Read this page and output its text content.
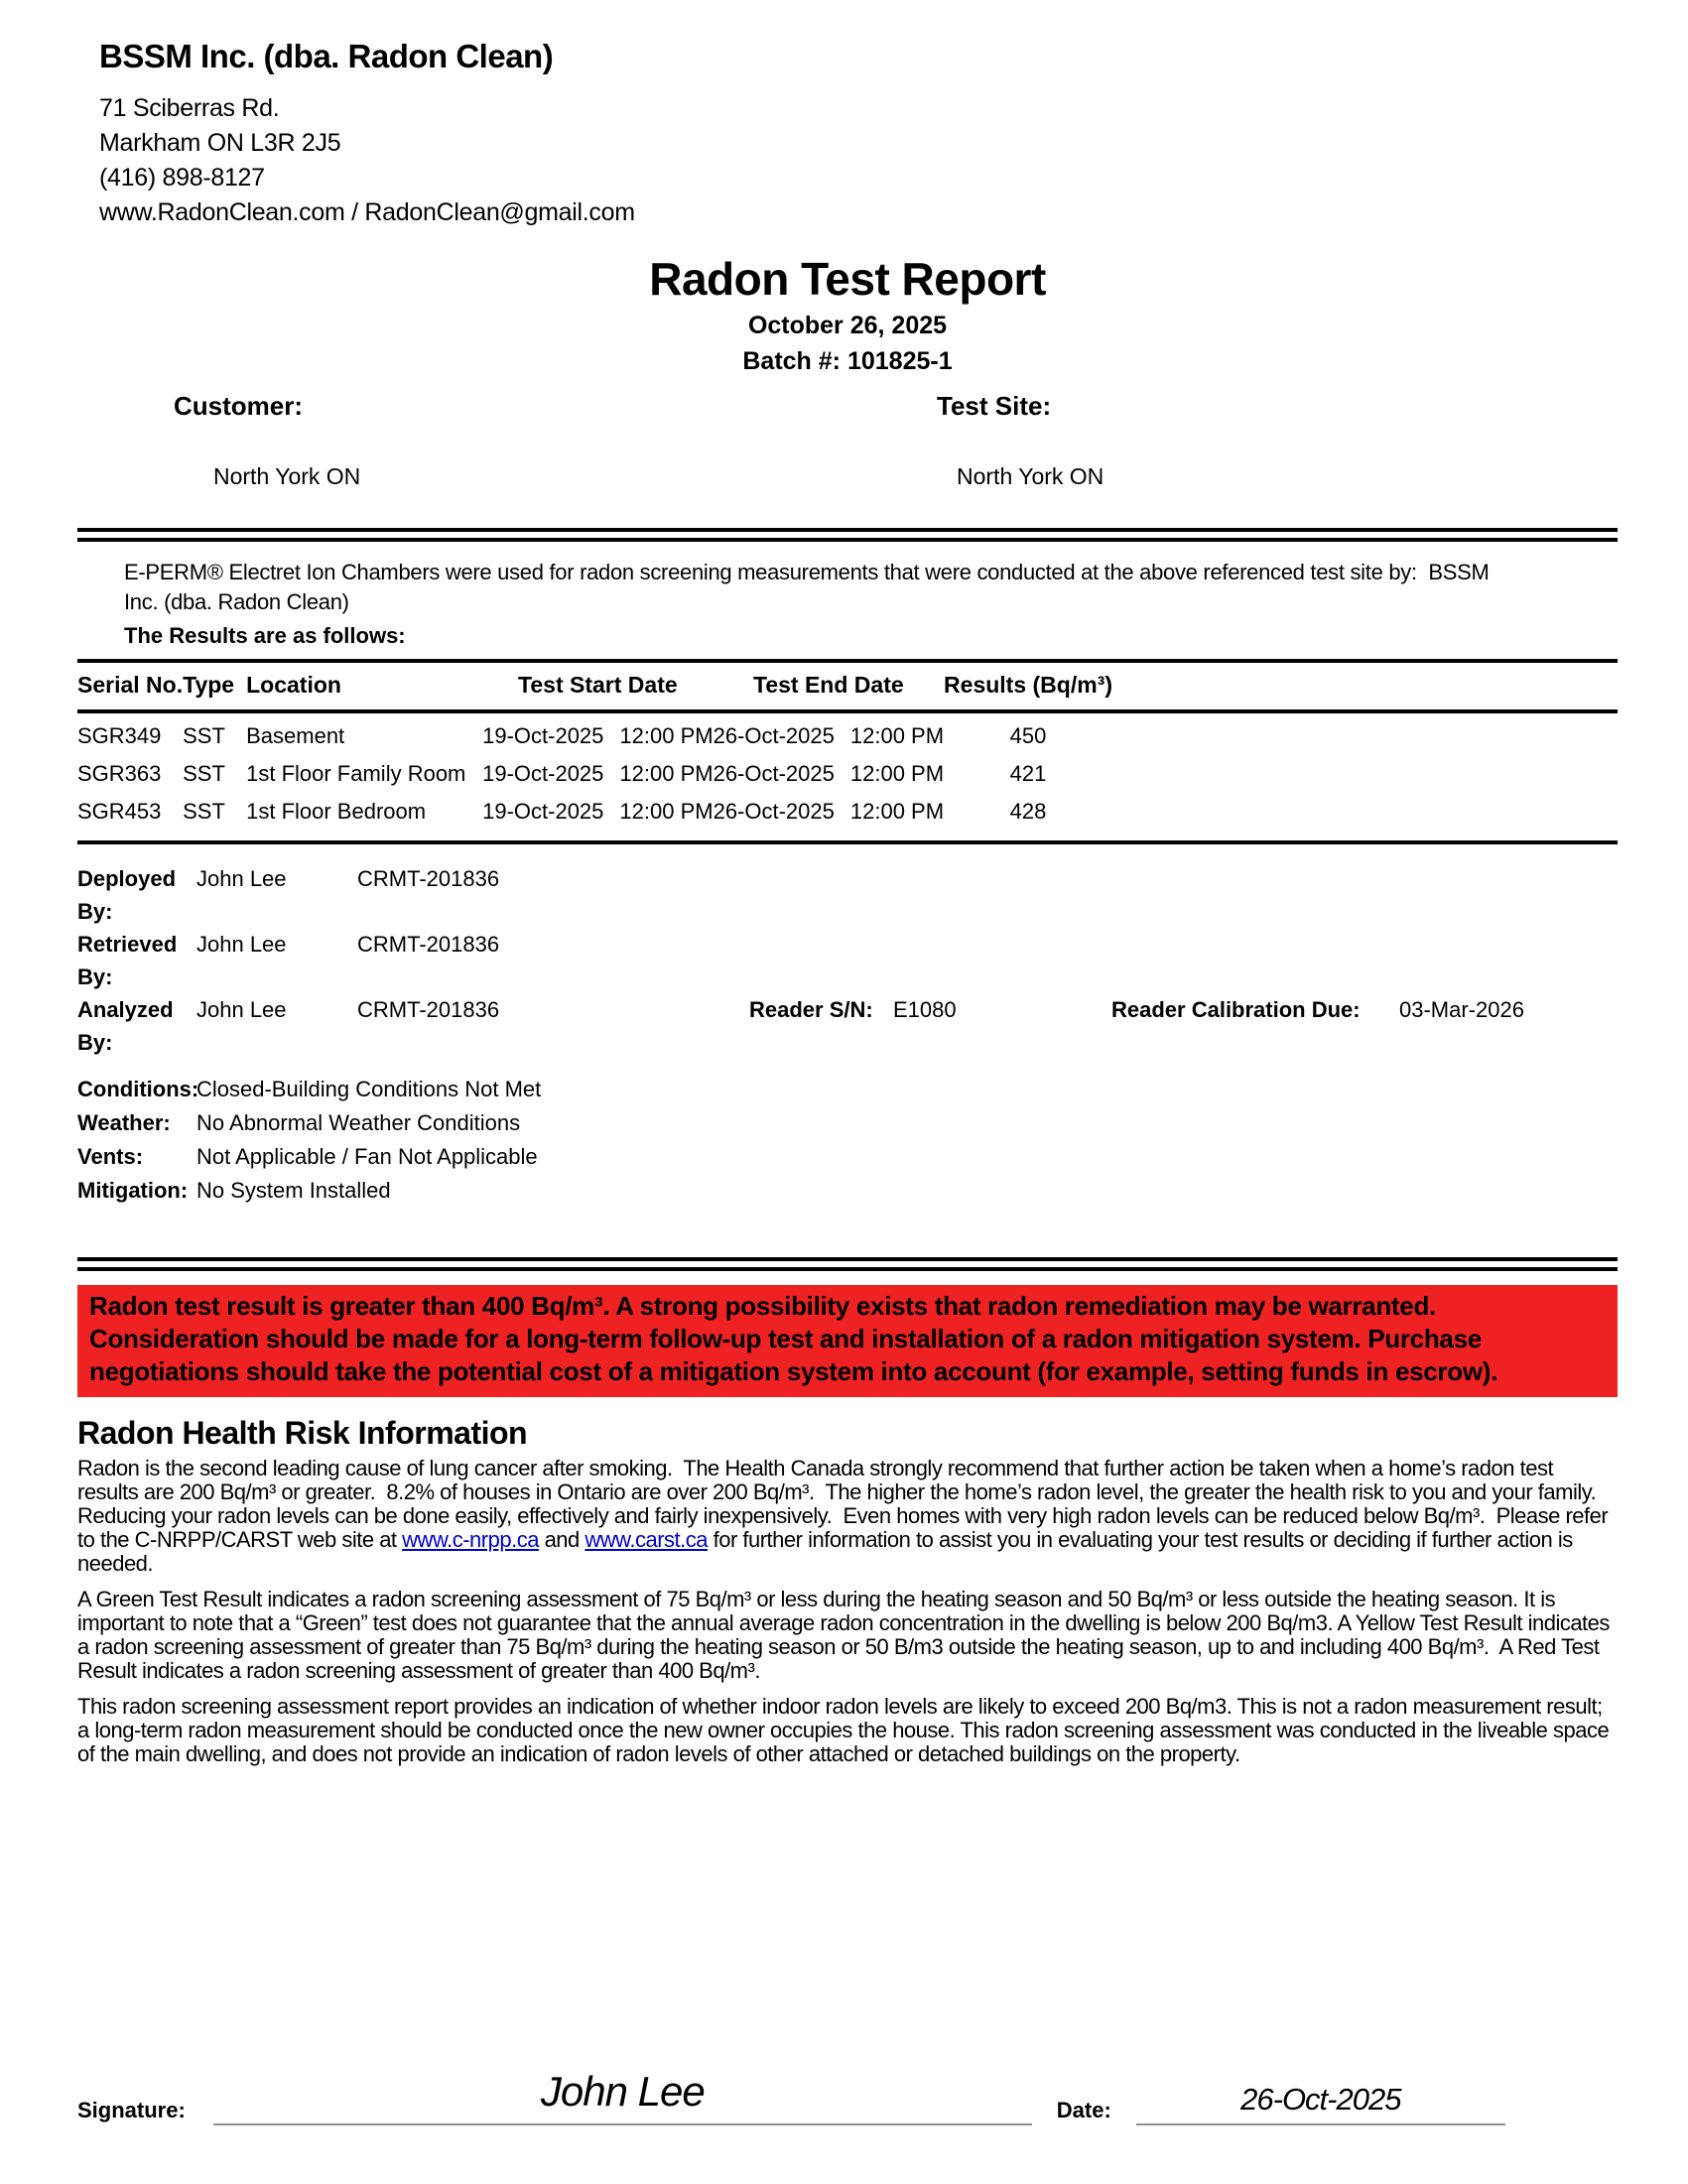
BSSM Inc. (dba. Radon Clean)
71 Sciberras Rd.
Markham ON L3R 2J5
(416) 898-8127
www.RadonClean.com / RadonClean@gmail.com
Radon Test Report
October 26, 2025
Batch #: 101825-1
Customer:
North York ON
Test Site:
North York ON

E-PERM® Electret Ion Chambers were used for radon screening measurements that were conducted at the above referenced test site by:  BSSM Inc. (dba. Radon Clean)

The Results are as follows:

Serial No.	Type	Location	Test Start Date	Test End Date	Results (Bq/m³)	
SGR349	SST	Basement	19-Oct-2025 12:00 PM	26-Oct-2025 12:00 PM	450	
SGR363	SST	1st Floor Family Room	19-Oct-2025 12:00 PM	26-Oct-2025 12:00 PM	421	
SGR453	SST	1st Floor Bedroom	19-Oct-2025 12:00 PM	26-Oct-2025 12:00 PM	428	
Deployed By:
John Lee	CRMT-201836
Retrieved By:
John Lee	CRMT-201836
Analyzed By:
John Lee	CRMT-201836	Reader S/N: E1080	Reader Calibration Due:	03-Mar-2026
Conditions:
Closed-Building Conditions Not Met
Weather:	No Abnormal Weather Conditions
Vents:	Not Applicable / Fan Not Applicable
Mitigation: No System Installed

Radon test result is greater than 400 Bq/m³. A strong possibility exists that radon remediation may be warranted. Consideration should be made for a long-term follow-up test and installation of a radon mitigation system. Purchase negotiations should take the potential cost of a mitigation system into account (for example, setting funds in escrow).

Radon Health Risk Information

Radon is the second leading cause of lung cancer after smoking.  The Health Canada strongly recommend that further action be taken when a home’s radon test results are 200 Bq/m³ or greater.  8.2% of houses in Ontario are over 200 Bq/m³.  The higher the home’s radon level, the greater the health risk to you and your family.  Reducing your radon levels can be done easily, effectively and fairly inexpensively.  Even homes with very high radon levels can be reduced below Bq/m³.  Please refer to the C-NRPP/CARST web site at www.c-nrpp.ca and www.carst.ca for further information to assist you in evaluating your test results or deciding if further action is needed.

A Green Test Result indicates a radon screening assessment of 75 Bq/m³ or less during the heating season and 50 Bq/m³ or less outside the heating season. It is important to note that a “Green” test does not guarantee that the annual average radon concentration in the dwelling is below 200 Bq/m3. A Yellow Test Result indicates a radon screening assessment of greater than 75 Bq/m³ during the heating season or 50 B/m3 outside the heating season, up to and including 400 Bq/m³.  A Red Test Result indicates a radon screening assessment of greater than 400 Bq/m³.

This radon screening assessment report provides an indication of whether indoor radon levels are likely to exceed 200 Bq/m3. This is not a radon measurement result; a long-term radon measurement should be conducted once the new owner occupies the house. This radon screening assessment was conducted in the liveable space of the main dwelling, and does not provide an indication of radon levels of other attached or detached buildings on the property.

Signature:	John Lee	Date:	26-Oct-2025
